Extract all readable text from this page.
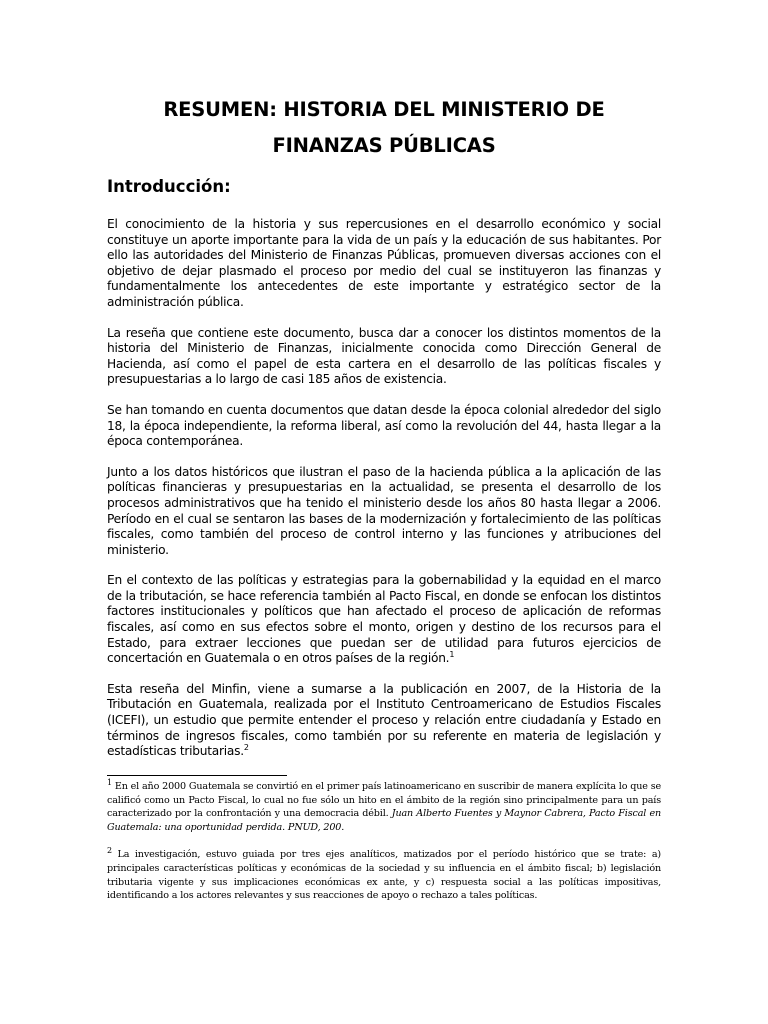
RESUMEN: HISTORIA DEL MINISTERIO DE
FINANZAS PÚBLICAS
Introducción:

El conocimiento de la historia y sus repercusiones en el desarrollo económico y social constituye un aporte importante para la vida de un país y la educación de sus habitantes. Por ello las autoridades del Ministerio de Finanzas Públicas, promueven diversas acciones con el objetivo de dejar plasmado el proceso por medio del cual se instituyeron las finanzas y fundamentalmente los antecedentes de este importante y estratégico sector de la administración pública.

La reseña que contiene este documento, busca dar a conocer los distintos momentos de la historia del Ministerio de Finanzas, inicialmente conocida como Dirección General de Hacienda, así como el papel de esta cartera en el desarrollo de las políticas fiscales y presupuestarias a lo largo de casi 185 años de existencia.

Se han tomando en cuenta documentos que datan desde la época colonial alrededor del siglo 18, la época independiente, la reforma liberal, así como la revolución del 44, hasta llegar a la época contemporánea.

Junto a los datos históricos que ilustran el paso de la hacienda pública a la aplicación de las políticas financieras y presupuestarias en la actualidad, se presenta el desarrollo de los procesos administrativos que ha tenido el ministerio desde los años 80 hasta llegar a 2006. Período en el cual se sentaron las bases de la modernización y fortalecimiento de las políticas fiscales, como también del proceso de control interno y las funciones y atribuciones del ministerio.

En el contexto de las políticas y estrategias para la gobernabilidad y la equidad en el marco de la tributación, se hace referencia también al Pacto Fiscal, en donde se enfocan los distintos factores institucionales y políticos que han afectado el proceso de aplicación de reformas fiscales, así como en sus efectos sobre el monto, origen y destino de los recursos para el Estado, para extraer lecciones que puedan ser de utilidad para futuros ejercicios de concertación en Guatemala o en otros países de la región.$^1$

Esta reseña del Minfin, viene a sumarse a la publicación en 2007, de la Historia de la Tributación en Guatemala, realizada por el Instituto Centroamericano de Estudios Fiscales (ICEFI), un estudio que permite entender el proceso y relación entre ciudadanía y Estado en términos de ingresos fiscales, como también por su referente en materia de legislación y estadísticas tributarias.$^2$

$^1$ En el año 2000 Guatemala se convirtió en el primer país latinoamericano en suscribir de manera explícita lo que se calificó como un Pacto Fiscal, lo cual no fue sólo un hito en el ámbito de la región sino principalmente para un país caracterizado por la confrontación y una democracia débil. Juan Alberto Fuentes y Maynor Cabrera, Pacto Fiscal en Guatemala: una oportunidad perdida. PNUD, 200.

$^2$ La investigación, estuvo guiada por tres ejes analíticos, matizados por el período histórico que se trate: a) principales características políticas y económicas de la sociedad y su influencia en el ámbito fiscal; b) legislación tributaria vigente y sus implicaciones económicas ex ante, y c) respuesta social a las políticas impositivas, identificando a los actores relevantes y sus reacciones de apoyo o rechazo a tales políticas.
